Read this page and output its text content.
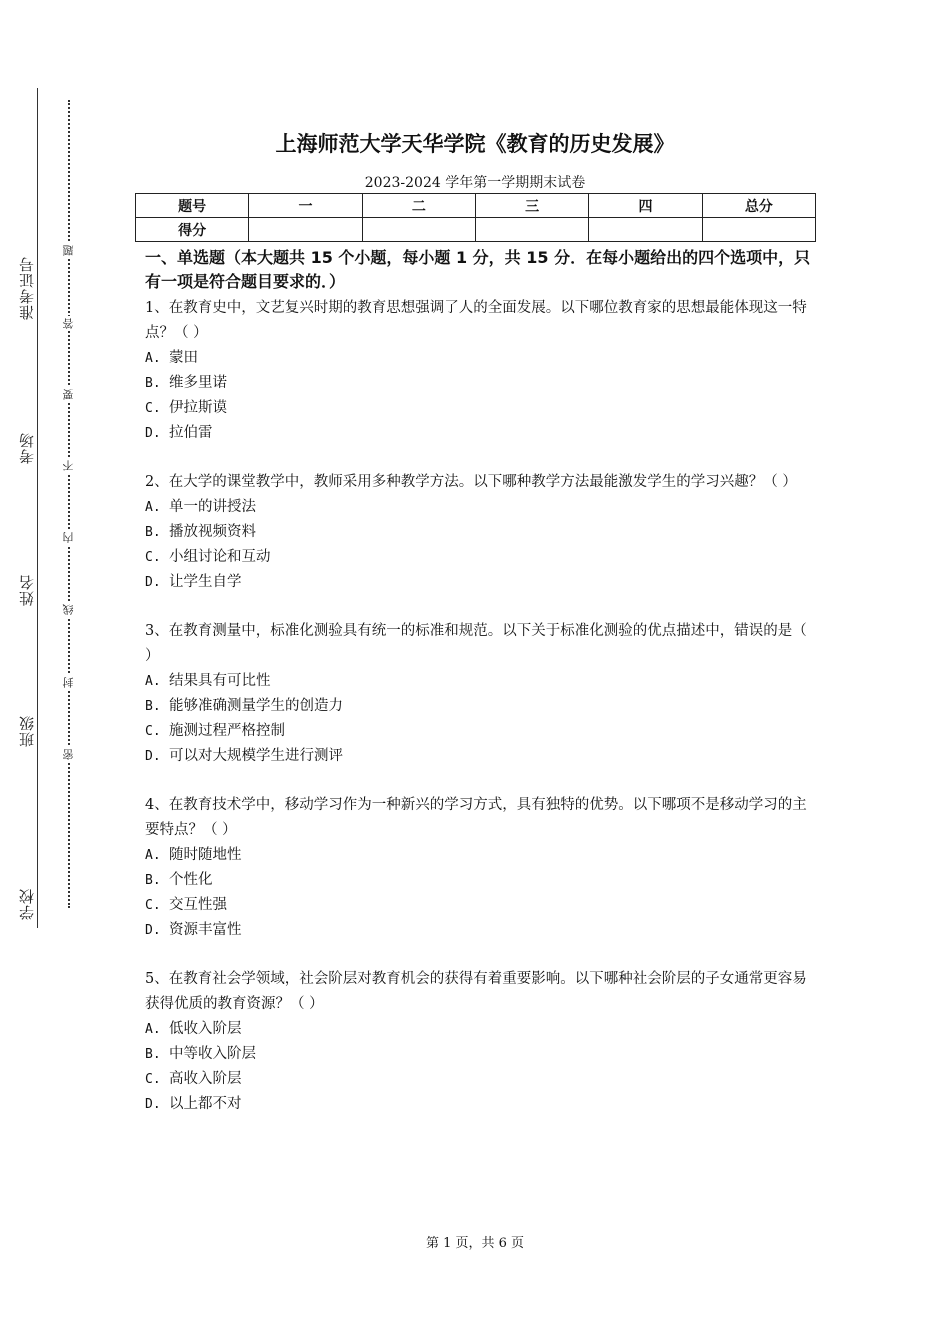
准考证号
考场
姓名
班级
学校
题
答
要
不
内
线
封
密
上海师范大学天华学院《教育的历史发展》
2023-2024 学年第一学期期末试卷
题号	一	二	三	四	总分
得分					
一、单选题（本大题共 15 个小题，每小题 1 分，共 15 分．在每小题给出的四个选项中，只有一项是符合题目要求的．）
1、在教育史中，文艺复兴时期的教育思想强调了人的全面发展。以下哪位教育家的思想最能体现这一特点？（ ）
A. 蒙田
B. 维多里诺
C. 伊拉斯谟
D. 拉伯雷
2、在大学的课堂教学中，教师采用多种教学方法。以下哪种教学方法最能激发学生的学习兴趣？（ ）
A. 单一的讲授法
B. 播放视频资料
C. 小组讨论和互动
D. 让学生自学
3、在教育测量中，标准化测验具有统一的标准和规范。以下关于标准化测验的优点描述中，错误的是（ ）
A. 结果具有可比性
B. 能够准确测量学生的创造力
C. 施测过程严格控制
D. 可以对大规模学生进行测评
4、在教育技术学中，移动学习作为一种新兴的学习方式，具有独特的优势。以下哪项不是移动学习的主要特点？（ ）
A. 随时随地性
B. 个性化
C. 交互性强
D. 资源丰富性
5、在教育社会学领域，社会阶层对教育机会的获得有着重要影响。以下哪种社会阶层的子女通常更容易获得优质的教育资源？（ ）
A. 低收入阶层
B. 中等收入阶层
C. 高收入阶层
D. 以上都不对
第 1 页，共 6 页
